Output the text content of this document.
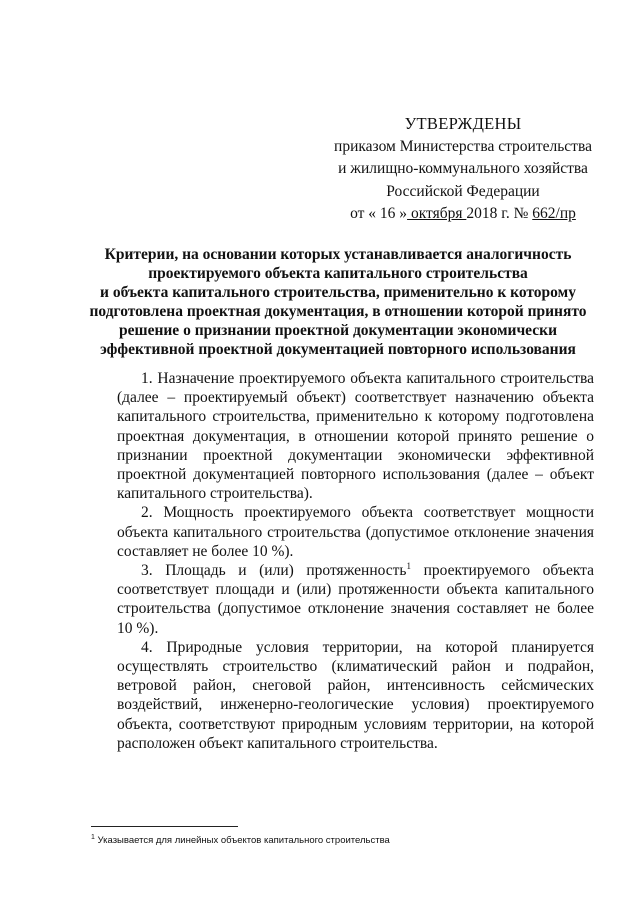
УТВЕРЖДЕНЫ
приказом Министерства строительства
и жилищно-коммунального хозяйства
Российской Федерации
от « 16 » октября 2018 г. № 662/пр
Критерии, на основании которых устанавливается аналогичность
проектируемого объекта капитального строительства
и объекта капитального строительства, применительно к которому
подготовлена проектная документация, в отношении которой принято
решение о признании проектной документации экономически
эффективной проектной документацией повторного использования

1. Назначение проектируемого объекта капитального строительства (далее – проектируемый объект) соответствует назначению объекта капитального строительства, применительно к которому подготовлена проектная документация, в отношении которой принято решение о признании проектной документации экономически эффективной проектной документацией повторного использования (далее – объект капитального строительства).

2. Мощность проектируемого объекта соответствует мощности объекта капитального строительства (допустимое отклонение значения составляет не более 10 %).

3. Площадь и (или) протяженность$^1$ проектируемого объекта соответствует площади и (или) протяженности объекта капитального строительства (допустимое отклонение значения составляет не более 10 %).

4. Природные условия территории, на которой планируется осуществлять строительство (климатический район и подрайон, ветровой район, снеговой район, интенсивность сейсмических воздействий, инженерно-геологические условия) проектируемого объекта, соответствуют природным условиям территории, на которой расположен объект капитального строительства.

$^1$ Указывается для линейных объектов капитального строительства
